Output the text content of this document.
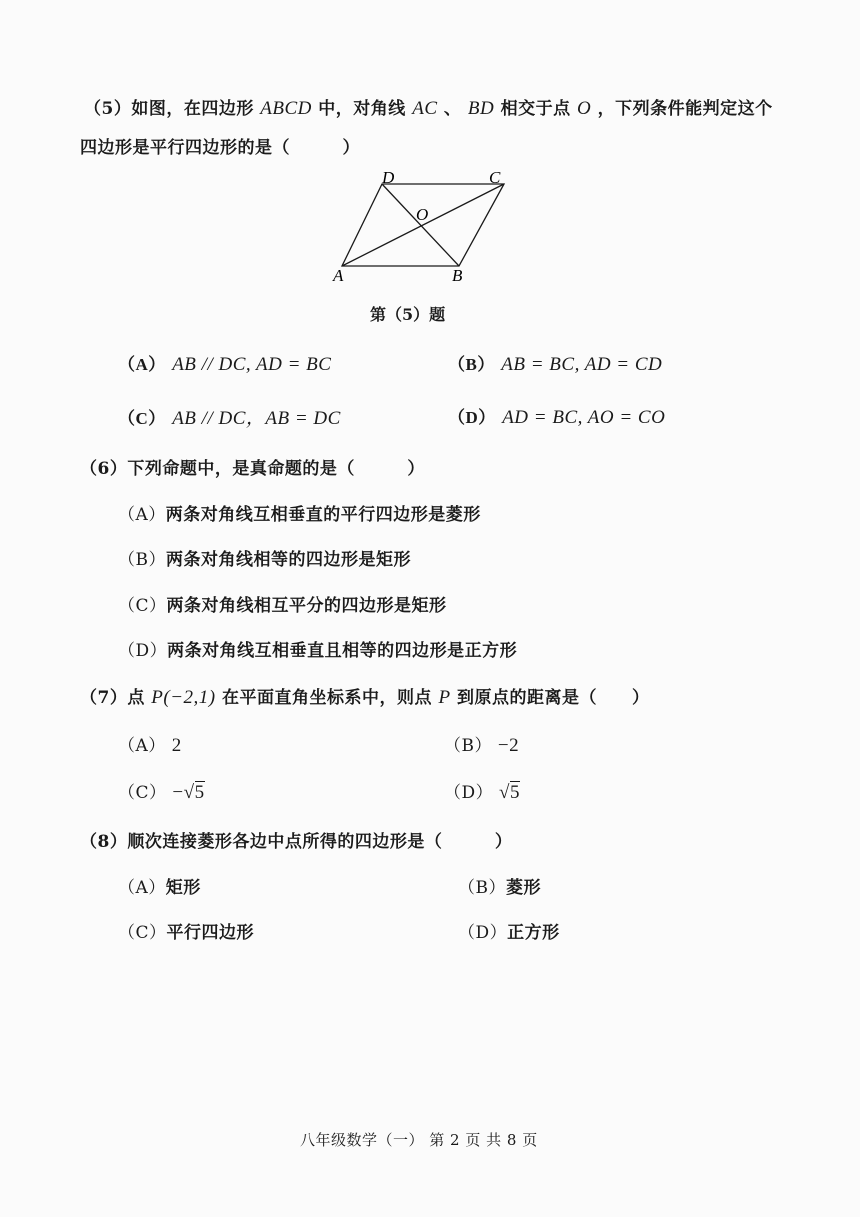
（5）如图，在四边形 ABCD 中，对角线 AC 、 BD 相交于点 O ，下列条件能判定这个
四边形是平行四边形的是（　　　）
A	B
C
D
O
第（5）题
（A） AB // DC, AD = BC	（B） AB = BC, AD = CD
（C） AB // DC，AB = DC	（D） AD = BC, AO = CO
（6）下列命题中，是真命题的是（　　　）
（A）两条对角线互相垂直的平行四边形是菱形
（B）两条对角线相等的四边形是矩形
（C）两条对角线相互平分的四边形是矩形
（D）两条对角线互相垂直且相等的四边形是正方形
（7）点 P(−2,1) 在平面直角坐标系中，则点 P 到原点的距离是（　　）
（A） 2	（B） −2
（C） −√5	（D） √5
（8）顺次连接菱形各边中点所得的四边形是（　　　）
（A）矩形	（B）菱形
（C）平行四边形	（D）正方形
八年级数学（一） 第 2 页 共 8 页
